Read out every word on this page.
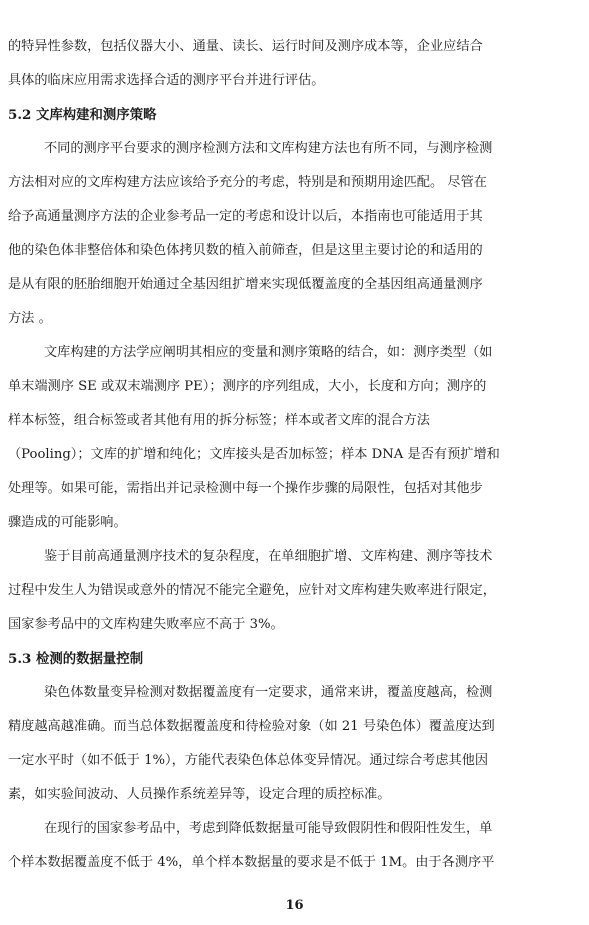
的特异性参数，包括仪器大小、通量、读长、运行时间及测序成本等，企业应结合
具体的临床应用需求选择合适的测序平台并进行评估。
5.2 文库构建和测序策略
不同的测序平台要求的测序检测方法和文库构建方法也有所不同，与测序检测
方法相对应的文库构建方法应该给予充分的考虑，特别是和预期用途匹配。 尽管在
给予高通量测序方法的企业参考品一定的考虑和设计以后，本指南也可能适用于其
他的染色体非整倍体和染色体拷贝数的植入前筛查，但是这里主要讨论的和适用的
是从有限的胚胎细胞开始通过全基因组扩增来实现低覆盖度的全基因组高通量测序
方法 。
文库构建的方法学应阐明其相应的变量和测序策略的结合，如：测序类型（如
单末端测序 SE 或双末端测序 PE）；测序的序列组成，大小，长度和方向；测序的
样本标签，组合标签或者其他有用的拆分标签；样本或者文库的混合方法
（Pooling）；文库的扩增和纯化；文库接头是否加标签；样本 DNA 是否有预扩增和
处理等。如果可能，需指出并记录检测中每一个操作步骤的局限性，包括对其他步
骤造成的可能影响。
鉴于目前高通量测序技术的复杂程度，在单细胞扩增、文库构建、测序等技术
过程中发生人为错误或意外的情况不能完全避免，应针对文库构建失败率进行限定，
国家参考品中的文库构建失败率应不高于 3%。
5.3 检测的数据量控制
染色体数量变异检测对数据覆盖度有一定要求，通常来讲，覆盖度越高，检测
精度越高越准确。而当总体数据覆盖度和待检验对象（如 21 号染色体）覆盖度达到
一定水平时（如不低于 1%），方能代表染色体总体变异情况。通过综合考虑其他因
素，如实验间波动、人员操作系统差异等，设定合理的质控标准。
在现行的国家参考品中，考虑到降低数据量可能导致假阴性和假阳性发生，单
个样本数据覆盖度不低于 4%，单个样本数据量的要求是不低于 1M。由于各测序平
16
